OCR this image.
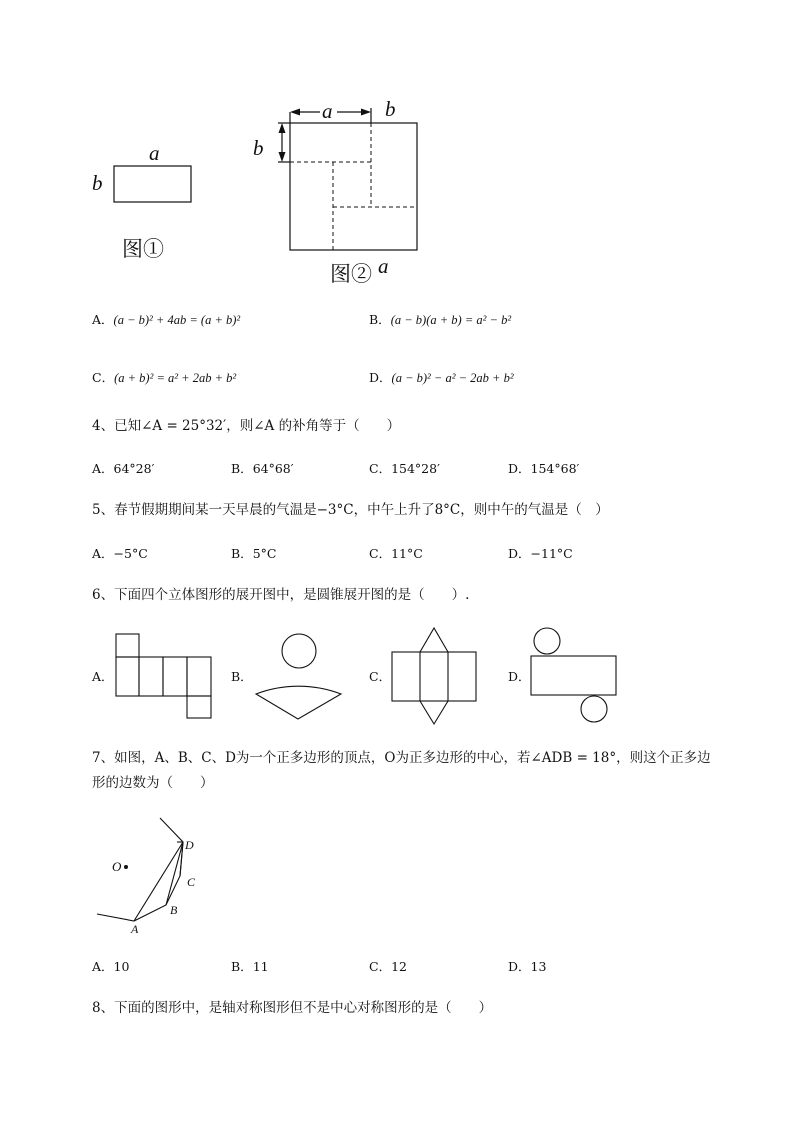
a
b
图①
a	b
b
图② a
A．(a − b)² + 4ab = (a + b)²	B．(a − b)(a + b) = a² − b²
C．(a + b)² = a² + 2ab + b²	D．(a − b)² − a² − 2ab + b²
4、已知∠A = 25°32′，则∠A 的补角等于（　　）
A．64°28′	B．64°68′	C．154°28′	D．154°68′
5、春节假期期间某一天早晨的气温是−3°C，中午上升了8°C，则中午的气温是（　）
A．−5°C	B．5°C	C．11°C	D．−11°C
6、下面四个立体图形的展开图中，是圆锥展开图的是（　　）.
A．	B．	C．	D．
7、如图，A、B、C、D为一个正多边形的顶点，O为正多边形的中心，若∠ADB = 18°，则这个正多边
形的边数为（　　）
O
A
B
C
D
A．10	B．11	C．12	D．13
8、下面的图形中，是轴对称图形但不是中心对称图形的是（　　）
